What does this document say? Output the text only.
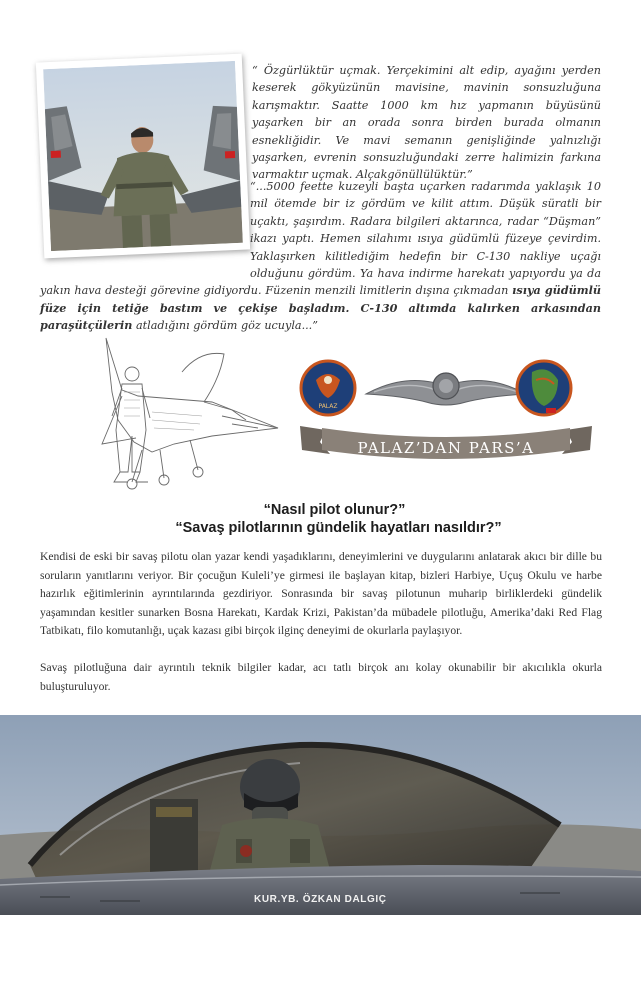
“ Özgürlüktür uçmak. Yerçekimini alt edip, ayağını yerden keserek gökyüzünün mavisine, mavinin sonsuzluğuna karışmaktır. Saatte 1000 km hız yapmanın büyüsünü yaşarken bir an orada sonra birden burada olmanın esnekliğidir. Ve mavi semanın genişliğinde yalnızlığı yaşarken, evrenin sonsuzluğundaki zerre halimizin farkına varmaktır uçmak. Alçakgönüllülüktür.”

“...5000 feette kuzeyli başta uçarken radarımda yaklaşık 10 mil ötemde bir iz gördüm ve kilit attım. Düşük süratli bir uçaktı, şaşırdım. Radara bilgileri aktarınca, radar “Düşman” ikazı yaptı. Hemen silahımı ısıya güdümlü füzeye çevirdim. Yaklaşırken kilitlediğim hedefin bir C-130 nakliye uçağı olduğunu gördüm. Ya hava indirme harekatı yapıyordu ya da yakın hava desteği görevine gidiyordu. Füzenin menzili limitlerin dışına çıkmadan ısıya güdümlü füze için tetiğe bastım ve çekişe başladım. C-130 altımda kalırken arkasından paraşütçülerin atladığını gördüm göz ucuyla...”

PALAZ
PALAZ’DAN PARS’A
“Nasıl pilot olunur?”
“Savaş pilotlarının gündelik hayatları nasıldır?”

Kendisi de eski bir savaş pilotu olan yazar kendi yaşadıklarını, deneyimlerini ve duygularını anlatarak akıcı bir dille bu soruların yanıtlarını veriyor. Bir çocuğun Kuleli’ye girmesi ile başlayan kitap, bizleri Harbiye, Uçuş Okulu ve harbe hazırlık eğitimlerinin ayrıntılarında gezdiriyor. Sonrasında bir savaş pilotunun muharip birliklerdeki gündelik yaşamından kesitler sunarken Bosna Harekatı, Kardak Krizi, Pakistan’da mübadele pilotluğu, Amerika’daki Red Flag Tatbikatı, filo komutanlığı, uçak kazası gibi birçok ilginç deneyimi de okurlarla paylaşıyor.

Savaş pilotluğuna dair ayrıntılı teknik bilgiler kadar, acı tatlı birçok anı kolay okunabilir bir akıcılıkla okurla buluşturuluyor.

KUR.YB. ÖZKAN DALGIÇ
